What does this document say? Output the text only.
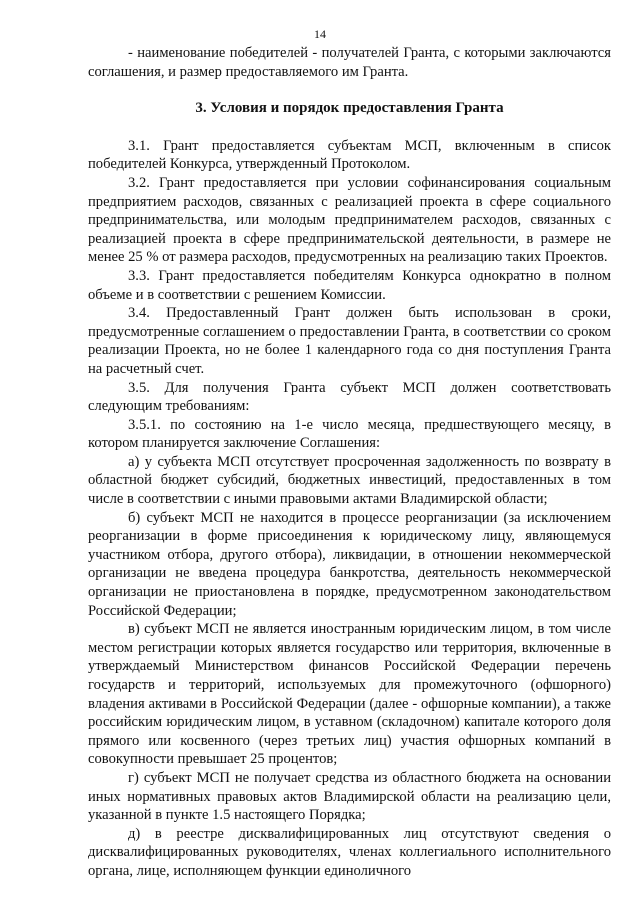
14

- наименование победителей - получателей Гранта, с которыми заключаются соглашения, и размер предоставляемого им Гранта.

3. Условия и порядок предоставления Гранта

3.1. Грант предоставляется субъектам МСП, включенным в список победителей Конкурса, утвержденный Протоколом.

3.2. Грант предоставляется при условии софинансирования социальным предприятием расходов, связанных с реализацией проекта в сфере социального предпринимательства, или молодым предпринимателем расходов, связанных с реализацией проекта в сфере предпринимательской деятельности, в размере не менее 25 % от размера расходов, предусмотренных на реализацию таких Проектов.

3.3. Грант предоставляется победителям Конкурса однократно в полном объеме и в соответствии с решением Комиссии.

3.4. Предоставленный Грант должен быть использован в сроки, предусмотренные соглашением о предоставлении Гранта, в соответствии со сроком реализации Проекта, но не более 1 календарного года со дня поступления Гранта на расчетный счет.

3.5. Для получения Гранта субъект МСП должен соответствовать следующим требованиям:

3.5.1. по состоянию на 1-е число месяца, предшествующего месяцу, в котором планируется заключение Соглашения:

а) у субъекта МСП отсутствует просроченная задолженность по возврату в областной бюджет субсидий, бюджетных инвестиций, предоставленных в том числе в соответствии с иными правовыми актами Владимирской области;

б) субъект МСП не находится в процессе реорганизации (за исключением реорганизации в форме присоединения к юридическому лицу, являющемуся участником отбора, другого отбора), ликвидации, в отношении некоммерческой организации не введена процедура банкротства, деятельность некоммерческой организации не приостановлена в порядке, предусмотренном законодательством Российской Федерации;

в) субъект МСП не является иностранным юридическим лицом, в том числе местом регистрации которых является государство или территория, включенные в утверждаемый Министерством финансов Российской Федерации перечень государств и территорий, используемых для промежуточного (офшорного) владения активами в Российской Федерации (далее - офшорные компании), а также российским юридическим лицом, в уставном (складочном) капитале которого доля прямого или косвенного (через третьих лиц) участия офшорных компаний в совокупности превышает 25 процентов;

г) субъект МСП не получает средства из областного бюджета на основании иных нормативных правовых актов Владимирской области на реализацию цели, указанной в пункте 1.5 настоящего Порядка;

д) в реестре дисквалифицированных лиц отсутствуют сведения о дисквалифицированных руководителях, членах коллегиального исполнительного органа, лице, исполняющем функции единоличного
